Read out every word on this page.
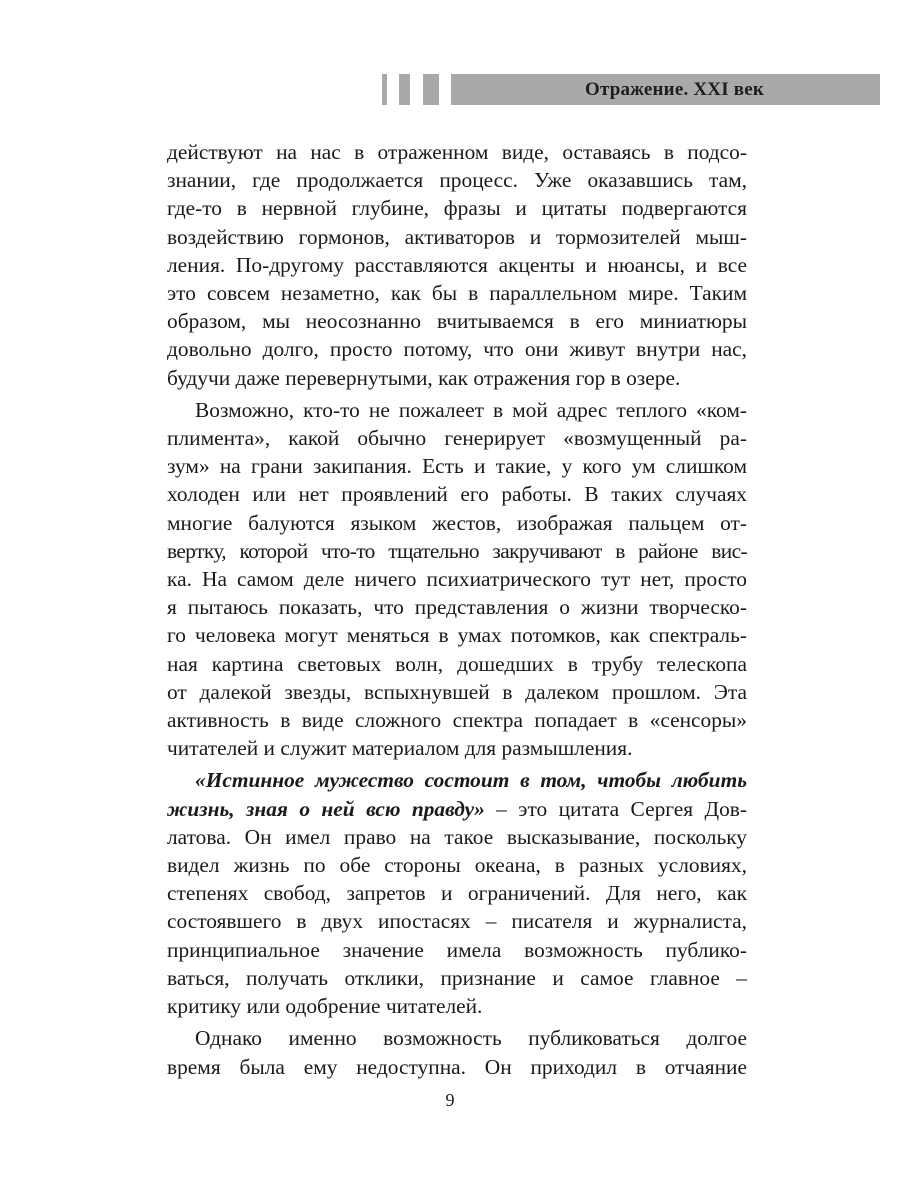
Отражение. XXI век

действуют на нас в отраженном виде, оставаясь в подсо-
знании, где продолжается процесс. Уже оказавшись там,
где-то в нервной глубине, фразы и цитаты подвергаются
воздействию гормонов, активаторов и тормозителей мыш-
ления. По-другому расставляются акценты и нюансы, и все
это совсем незаметно, как бы в параллельном мире. Таким
образом, мы неосознанно вчитываемся в его миниатюры
довольно долго, просто потому, что они живут внутри нас,
будучи даже перевернутыми, как отражения гор в озере.

Возможно, кто-то не пожалеет в мой адрес теплого «ком-
плимента», какой обычно генерирует «возмущенный ра-
зум» на грани закипания. Есть и такие, у кого ум слишком
холоден или нет проявлений его работы. В таких случаях
многие балуются языком жестов, изображая пальцем от-
вертку, которой что-то тщательно закручивают в районе вис-
ка. На самом деле ничего психиатрического тут нет, просто
я пытаюсь показать, что представления о жизни творческо-
го человека могут меняться в умах потомков, как спектраль-
ная картина световых волн, дошедших в трубу телескопа
от далекой звезды, вспыхнувшей в далеком прошлом. Эта
активность в виде сложного спектра попадает в «сенсоры»
читателей и служит материалом для размышления.

«Истинное мужество состоит в том, чтобы любить
жизнь, зная о ней всю правду» – это цитата Сергея Дов-
латова. Он имел право на такое высказывание, поскольку
видел жизнь по обе стороны океана, в разных условиях,
степенях свобод, запретов и ограничений. Для него, как
состоявшего в двух ипостасях – писателя и журналиста,
принципиальное значение имела возможность публико-
ваться, получать отклики, признание и самое главное –
критику или одобрение читателей.

Однако именно возможность публиковаться долгое
время была ему недоступна. Он приходил в отчаяние

9
